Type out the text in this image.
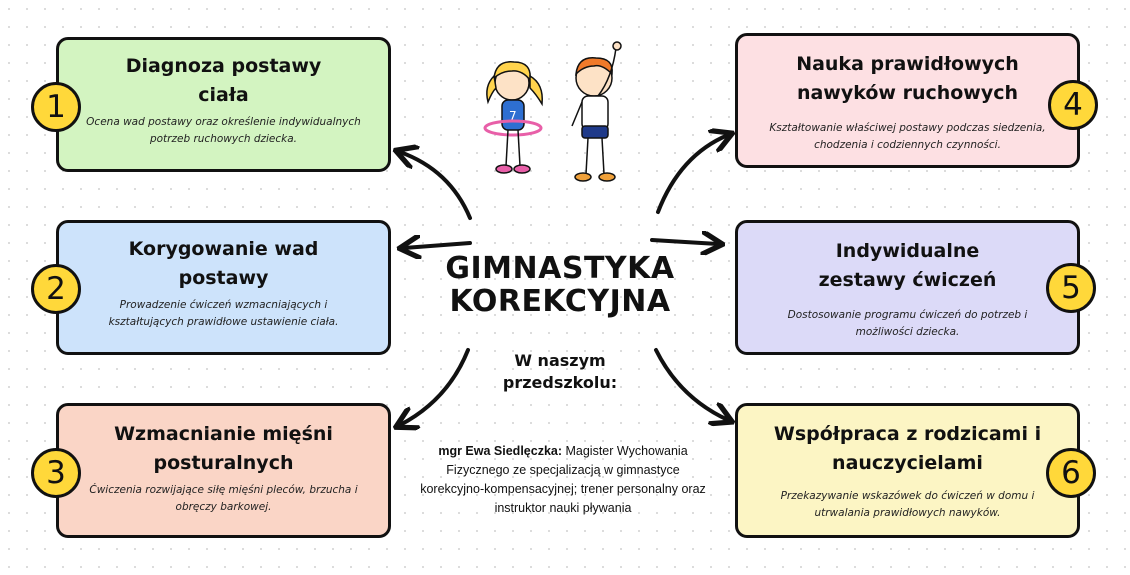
7
Diagnoza postawy ciała
Ocena wad postawy oraz określenie indywidualnych potrzeb ruchowych dziecka.
1
Korygowanie wad postawy
Prowadzenie ćwiczeń wzmacniających i kształtujących prawidłowe ustawienie ciała.
2
Wzmacnianie mięśni posturalnych
Ćwiczenia rozwijające siłę mięśni pleców, brzucha i obręczy barkowej.
3
Nauka prawidłowych nawyków ruchowych
Kształtowanie właściwej postawy podczas siedzenia, chodzenia i codziennych czynności.
4
Indywidualne zestawy ćwiczeń
Dostosowanie programu ćwiczeń do potrzeb i możliwości dziecka.
5
Współpraca z rodzicami i nauczycielami
Przekazywanie wskazówek do ćwiczeń w domu i utrwalania prawidłowych nawyków.
6
GIMNASTYKA
KOREKCYJNA
W naszym przedszkolu:
mgr Ewa Siedlęczka: Magister Wychowania Fizycznego ze specjalizacją w gimnastyce korekcyjno-kompensacyjnej; trener personalny oraz instruktor nauki pływania
